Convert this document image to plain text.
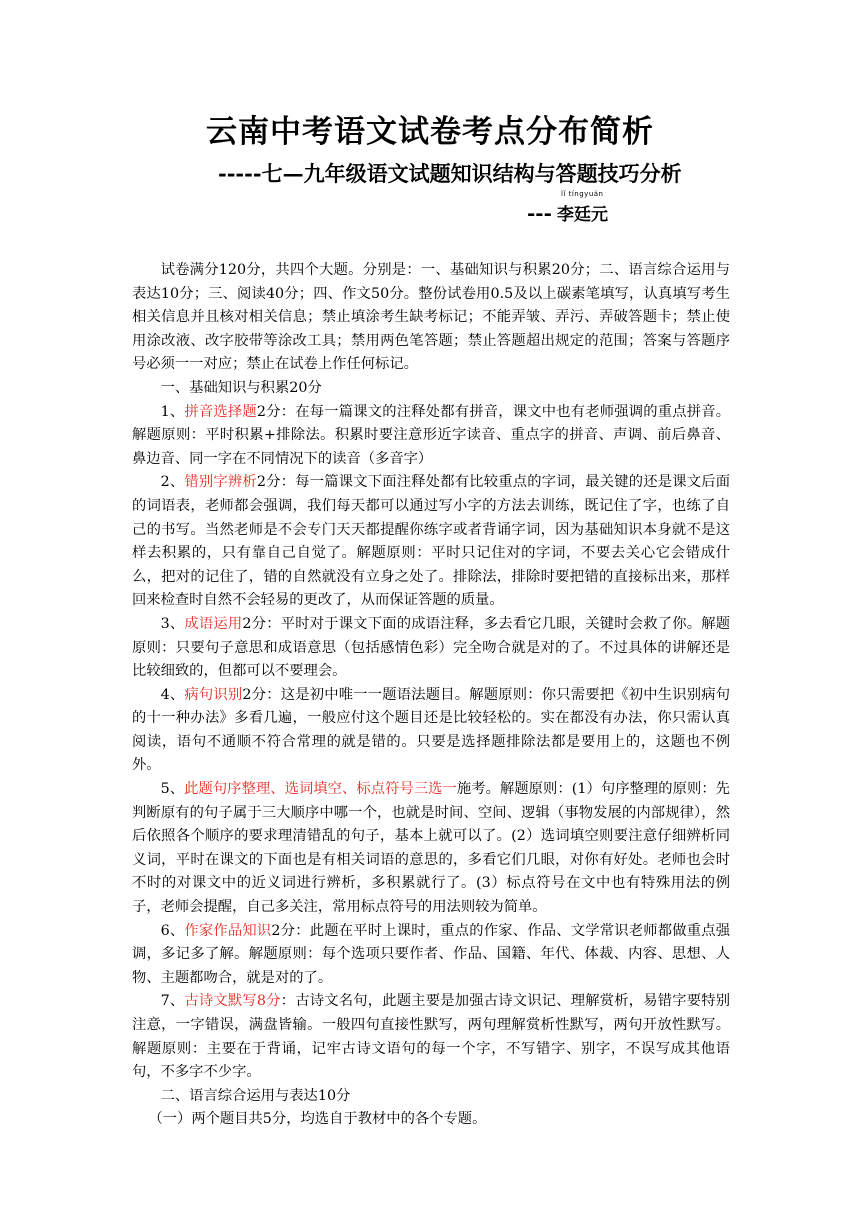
云南中考语文试卷考点分布简析
-----七—九年级语文试题知识结构与答题技巧分析
---
lǐ tíngyuán
李廷元

试卷满分120分，共四个大题。分别是：一、基础知识与积累20分；二、语言综合运用与表达10分；三、阅读40分；四、作文50分。整份试卷用0.5及以上碳素笔填写，认真填写考生相关信息并且核对相关信息；禁止填涂考生缺考标记；不能弄皱、弄污、弄破答题卡；禁止使用涂改液、改字胶带等涂改工具；禁用两色笔答题；禁止答题超出规定的范围；答案与答题序号必须一一对应；禁止在试卷上作任何标记。

一、基础知识与积累20分

1、拼音选择题2分：在每一篇课文的注释处都有拼音，课文中也有老师强调的重点拼音。解题原则：平时积累+排除法。积累时要注意形近字读音、重点字的拼音、声调、前后鼻音、鼻边音、同一字在不同情况下的读音（多音字）

2、错别字辨析2分：每一篇课文下面注释处都有比较重点的字词，最关键的还是课文后面的词语表，老师都会强调，我们每天都可以通过写小字的方法去训练，既记住了字，也练了自己的书写。当然老师是不会专门天天都提醒你练字或者背诵字词，因为基础知识本身就不是这样去积累的，只有靠自己自觉了。解题原则：平时只记住对的字词，不要去关心它会错成什么，把对的记住了，错的自然就没有立身之处了。排除法，排除时要把错的直接标出来，那样回来检查时自然不会轻易的更改了，从而保证答题的质量。

3、成语运用2分：平时对于课文下面的成语注释，多去看它几眼，关键时会救了你。解题原则：只要句子意思和成语意思（包括感情色彩）完全吻合就是对的了。不过具体的讲解还是比较细致的，但都可以不要理会。

4、病句识别2分：这是初中唯一一题语法题目。解题原则：你只需要把《初中生识别病句的十一种办法》多看几遍，一般应付这个题目还是比较轻松的。实在都没有办法，你只需认真阅读，语句不通顺不符合常理的就是错的。只要是选择题排除法都是要用上的，这题也不例外。

5、此题句序整理、选词填空、标点符号三选一施考。解题原则：(1）句序整理的原则：先判断原有的句子属于三大顺序中哪一个，也就是时间、空间、逻辑（事物发展的内部规律），然后依照各个顺序的要求理清错乱的句子，基本上就可以了。(2）选词填空则要注意仔细辨析同义词，平时在课文的下面也是有相关词语的意思的，多看它们几眼，对你有好处。老师也会时不时的对课文中的近义词进行辨析，多积累就行了。(3）标点符号在文中也有特殊用法的例子，老师会提醒，自己多关注，常用标点符号的用法则较为简单。

6、作家作品知识2分：此题在平时上课时，重点的作家、作品、文学常识老师都做重点强调，多记多了解。解题原则：每个选项只要作者、作品、国籍、年代、体裁、内容、思想、人物、主题都吻合，就是对的了。

7、古诗文默写8分：古诗文名句，此题主要是加强古诗文识记、理解赏析，易错字要特别注意，一字错误，满盘皆输。一般四句直接性默写，两句理解赏析性默写，两句开放性默写。解题原则：主要在于背诵，记牢古诗文语句的每一个字，不写错字、别字，不误写成其他语句，不多字不少字。

二、语言综合运用与表达10分

（一）两个题目共5分，均选自于教材中的各个专题。
